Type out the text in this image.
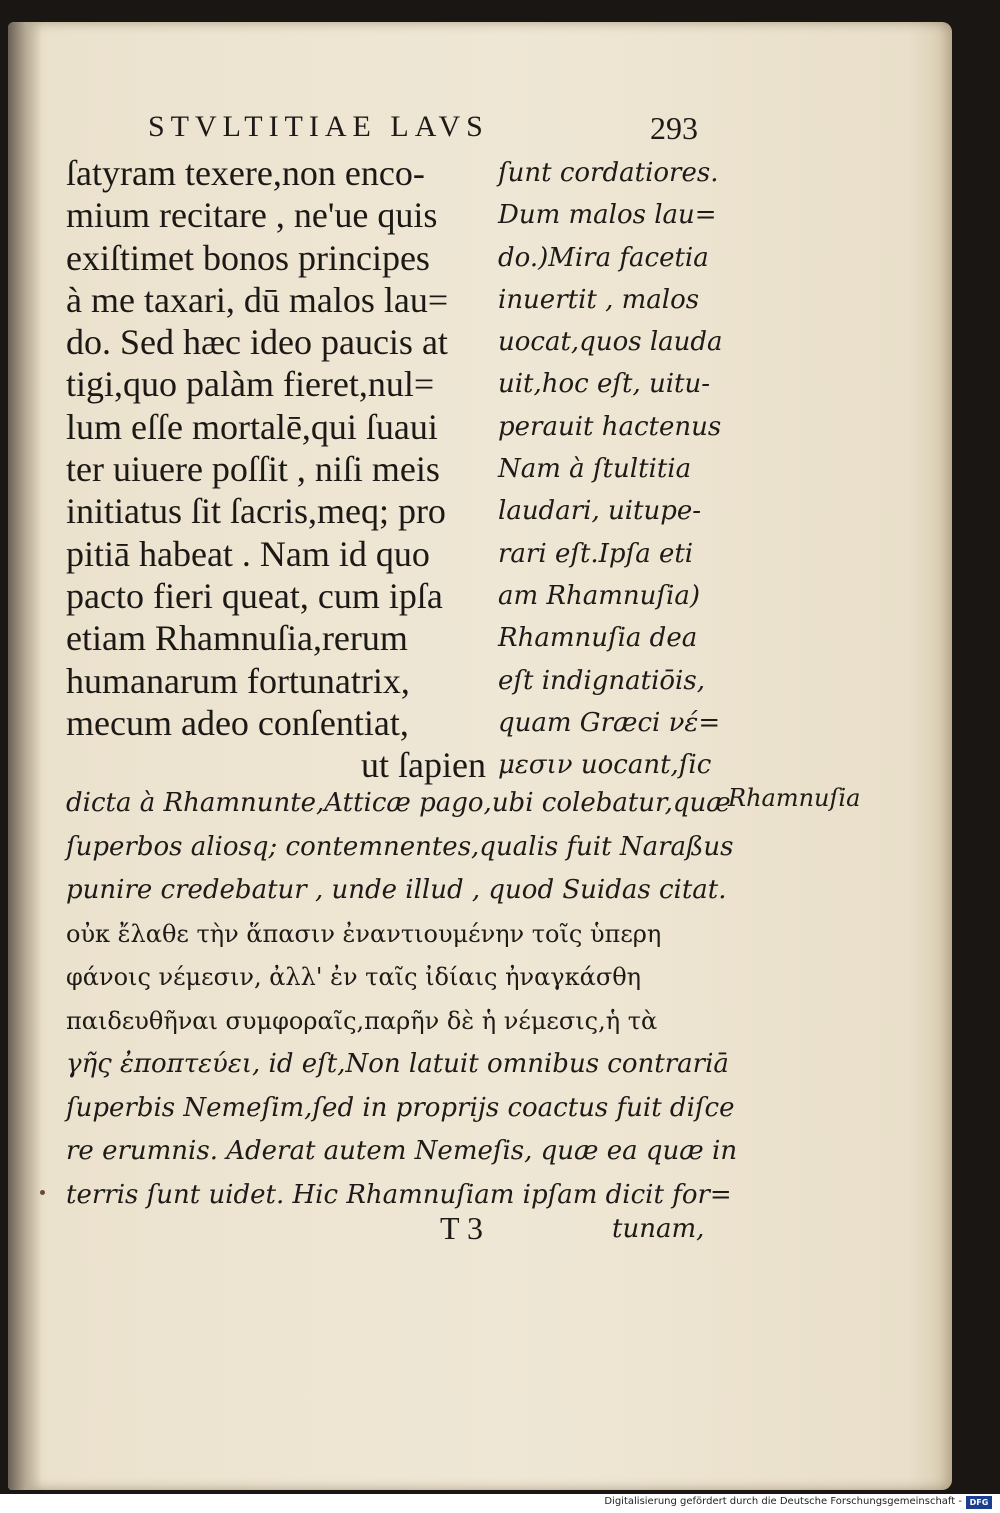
STVLTITIAE LAVS	293
ſatyram texere,non enco-
mium recitare , ne'ue quis
exiſtimet bonos principes
à me taxari, dū malos lau=
do. Sed hæc ideo paucis at
tigi,quo palàm fieret,nul=
lum eſſe mortalē,qui ſuaui
ter uiuere poſſit , niſi meis
initiatus ſit ſacris,meq; pro
pitiā habeat . Nam id quo
pacto fieri queat, cum ipſa
etiam Rhamnuſia,rerum
humanarum fortunatrix,
mecum adeo conſentiat,
ut ſapien
ſunt cordatiores.
Dum malos lau=
do.)Mira facetia
inuertit , malos
uocat,quos lauda
uit,hoc eſt, uitu-
perauit hactenus
Nam à ſtultitia
laudari, uitupe-
rari eſt.Ipſa eti
am Rhamnuſia)
Rhamnuſia dea
eſt indignatiōis,
quam Græci νέ=
μεσιν uocant,ſic
dicta à Rhamnunte,Atticæ pago,ubi colebatur,quæ
ſuperbos aliosq; contemnentes,qualis fuit Naraßus
punire credebatur , unde illud , quod Suidas citat.
οὐκ ἔλαθε τὴν ἅπασιν ἐναντιουμένην τοῖς ὑπερη
φάνοις νέμεσιν, ἀλλ' ἐν ταῖς ἰδίαις ἠναγκάσθη
παιδευθῆναι συμφοραῖς,παρῆν δὲ ἡ νέμεσις,ἡ τὰ
γῆς ἐποπτεύει, id eſt,Non latuit omnibus contrariā
ſuperbis Nemeſim,ſed in proprijs coactus fuit diſce
re erumnis. Aderat autem Nemeſis, quæ ea quæ in
terris ſunt uidet. Hic Rhamnuſiam ipſam dicit for=
Rhamnuſia
T 3	tunam,
Digitalisierung gefördert durch die Deutsche Forschungsgemeinschaft - DFG
